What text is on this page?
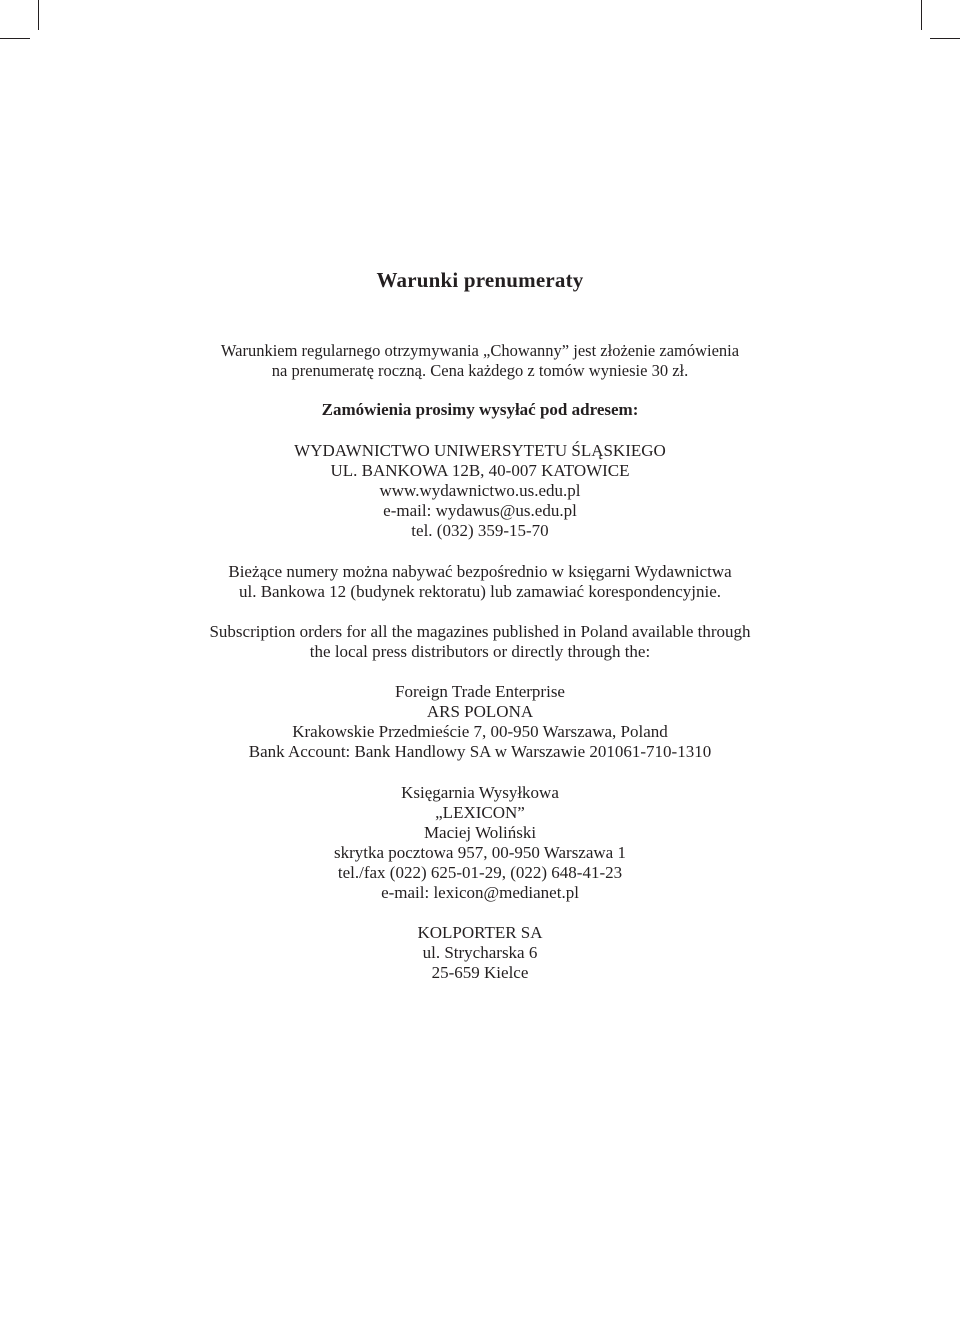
Warunki prenumeraty
Warunkiem regularnego otrzymywania „Chowanny” jest złożenie zamówienia
na prenumeratę roczną. Cena każdego z tomów wyniesie 30 zł.
Zamówienia prosimy wysyłać pod adresem:
WYDAWNICTWO UNIWERSYTETU ŚLĄSKIEGO
UL. BANKOWA 12B, 40-007 KATOWICE
www.wydawnictwo.us.edu.pl
e-mail: wydawus@us.edu.pl
tel. (032) 359-15-70
Bieżące numery można nabywać bezpośrednio w księgarni Wydawnictwa
ul. Bankowa 12 (budynek rektoratu) lub zamawiać korespondencyjnie.
Subscription orders for all the magazines published in Poland available through
the local press distributors or directly through the:
Foreign Trade Enterprise
ARS POLONA
Krakowskie Przedmieście 7, 00-950 Warszawa, Poland
Bank Account: Bank Handlowy SA w Warszawie 201061-710-1310
Księgarnia Wysyłkowa
„LEXICON”
Maciej Woliński
skrytka pocztowa 957, 00-950 Warszawa 1
tel./fax (022) 625-01-29, (022) 648-41-23
e-mail: lexicon@medianet.pl
KOLPORTER SA
ul. Strycharska 6
25-659 Kielce
